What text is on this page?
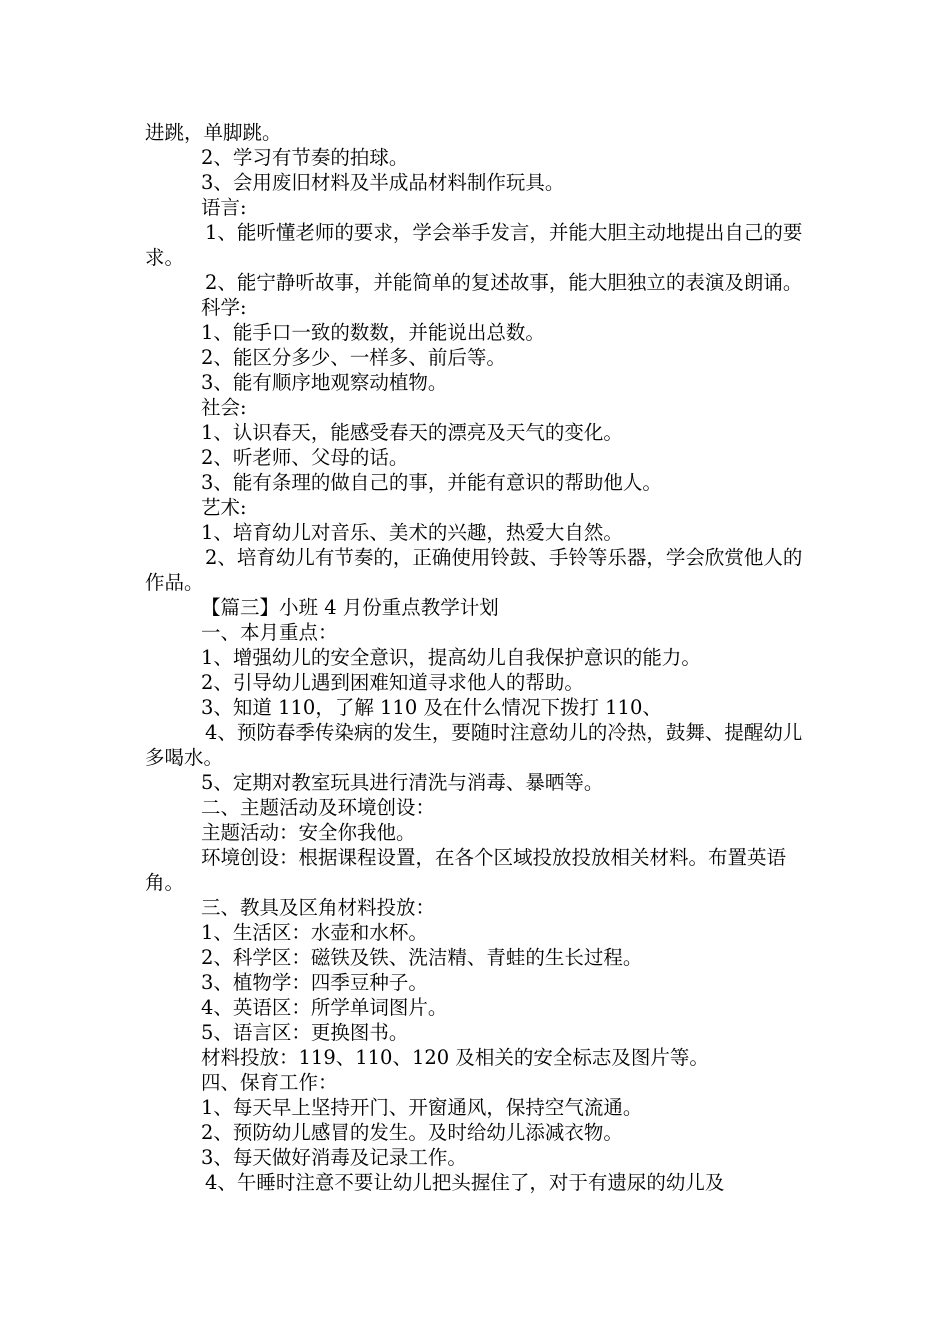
进跳，单脚跳。

2、学习有节奏的拍球。

3、会用废旧材料及半成品材料制作玩具。

语言:

1、能听懂老师的要求，学会举手发言，并能大胆主动地提出自己的要求。

2、能宁静听故事，并能简单的复述故事，能大胆独立的表演及朗诵。

科学:

1、能手口一致的数数，并能说出总数。

2、能区分多少、一样多、前后等。

3、能有顺序地观察动植物。

社会:

1、认识春天，能感受春天的漂亮及天气的变化。

2、听老师、父母的话。

3、能有条理的做自己的事，并能有意识的帮助他人。

艺术:

1、培育幼儿对音乐、美术的兴趣，热爱大自然。

2、培育幼儿有节奏的，正确使用铃鼓、手铃等乐器，学会欣赏他人的作品。

【篇三】小班 4 月份重点教学计划

一、本月重点：

1、增强幼儿的安全意识，提高幼儿自我保护意识的能力。

2、引导幼儿遇到困难知道寻求他人的帮助。

3、知道 110，了解 110 及在什么情况下拨打 110、

4、预防春季传染病的发生，要随时注意幼儿的冷热，鼓舞、提醒幼儿多喝水。

5、定期对教室玩具进行清洗与消毒、暴晒等。

二、主题活动及环境创设：

主题活动：安全你我他。

环境创设：根据课程设置，在各个区域投放投放相关材料。布置英语角。

三、教具及区角材料投放：

1、生活区：水壶和水杯。

2、科学区：磁铁及铁、洗洁精、青蛙的生长过程。

3、植物学：四季豆种子。

4、英语区：所学单词图片。

5、语言区：更换图书。

材料投放：119、110、120 及相关的安全标志及图片等。

四、保育工作：

1、每天早上坚持开门、开窗通风，保持空气流通。

2、预防幼儿感冒的发生。及时给幼儿添减衣物。

3、每天做好消毒及记录工作。

4、午睡时注意不要让幼儿把头握住了，对于有遗尿的幼儿及
